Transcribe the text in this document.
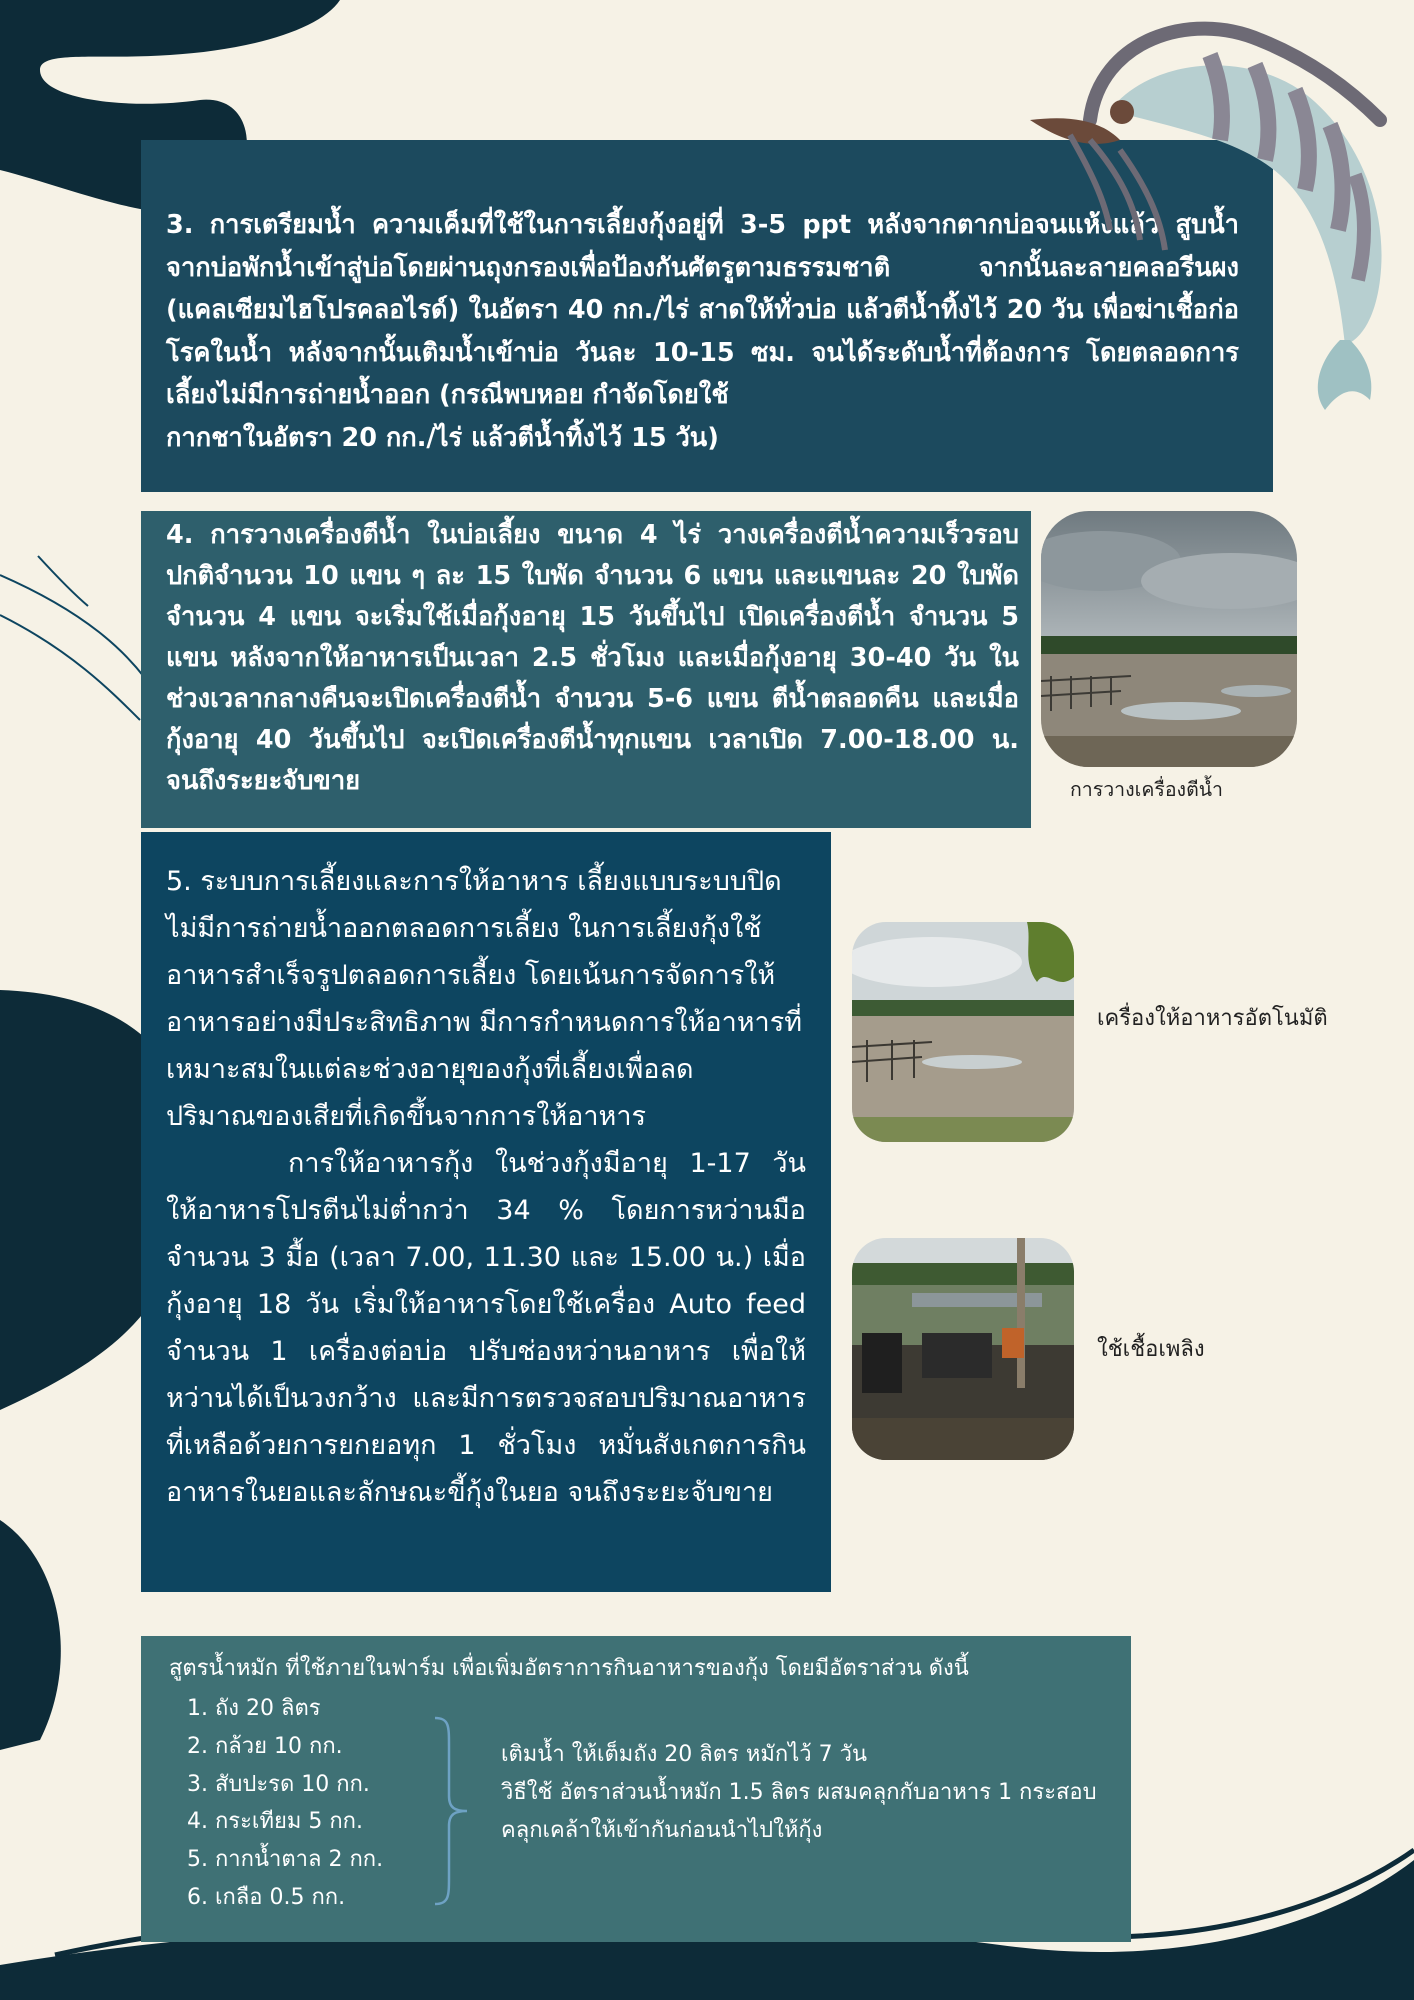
3. การเตรียมน้ำ ความเค็มที่ใช้ในการเลี้ยงกุ้งอยู่ที่ 3-5 ppt หลังจากตากบ่อจนแห้งแล้ว สูบน้ำจากบ่อพักน้ำเข้าสู่บ่อโดยผ่านถุงกรองเพื่อป้องกันศัตรูตามธรรมชาติ จากนั้นละลายคลอรีนผง (แคลเซียมไฮโปรคลอไรด์) ในอัตรา 40 กก./ไร่ สาดให้ทั่วบ่อ แล้วตีน้ำทิ้งไว้ 20 วัน เพื่อฆ่าเชื้อก่อโรคในน้ำ หลังจากนั้นเติมน้ำเข้าบ่อ วันละ 10-15 ซม. จนได้ระดับน้ำที่ต้องการ โดยตลอดการเลี้ยงไม่มีการถ่ายน้ำออก (กรณีพบหอย กำจัดโดยใช้
กากชาในอัตรา 20 กก./ไร่ แล้วตีน้ำทิ้งไว้ 15 วัน)

4. การวางเครื่องตีน้ำ ในบ่อเลี้ยง ขนาด 4 ไร่ วางเครื่องตีน้ำความเร็วรอบปกติจำนวน 10 แขน ๆ ละ 15 ใบพัด จำนวน 6 แขน และแขนละ 20 ใบพัด จำนวน 4 แขน จะเริ่มใช้เมื่อกุ้งอายุ 15 วันขึ้นไป เปิดเครื่องตีน้ำ จำนวน 5 แขน หลังจากให้อาหารเป็นเวลา 2.5 ชั่วโมง และเมื่อกุ้งอายุ 30-40 วัน ในช่วงเวลากลางคืนจะเปิดเครื่องตีน้ำ จำนวน 5-6 แขน ตีน้ำตลอดคืน และเมื่อกุ้งอายุ 40 วันขึ้นไป จะเปิดเครื่องตีน้ำทุกแขน เวลาเปิด 7.00-18.00 น. จนถึงระยะจับขาย	การวางเครื่องตีน้ำ

5. ระบบการเลี้ยงและการให้อาหาร เลี้ยงแบบระบบปิด
ไม่มีการถ่ายน้ำออกตลอดการเลี้ยง ในการเลี้ยงกุ้งใช้
อาหารสำเร็จรูปตลอดการเลี้ยง โดยเน้นการจัดการให้
อาหารอย่างมีประสิทธิภาพ มีการกำหนดการให้อาหารที่
เหมาะสมในแต่ละช่วงอายุของกุ้งที่เลี้ยงเพื่อลด
ปริมาณของเสียที่เกิดขึ้นจากการให้อาหาร

การให้อาหารกุ้ง ในช่วงกุ้งมีอายุ 1-17 วัน ให้อาหารโปรตีนไม่ต่ำกว่า 34 % โดยการหว่านมือ จำนวน 3 มื้อ (เวลา 7.00, 11.30 และ 15.00 น.) เมื่อกุ้งอายุ 18 วัน เริ่มให้อาหารโดยใช้เครื่อง Auto feed จำนวน 1 เครื่องต่อบ่อ ปรับช่องหว่านอาหาร เพื่อให้หว่านได้เป็นวงกว้าง และมีการตรวจสอบปริมาณอาหารที่เหลือด้วยการยกยอทุก 1 ชั่วโมง หมั่นสังเกตการกินอาหารในยอและลักษณะขี้กุ้งในยอ จนถึงระยะจับขาย

เครื่องให้อาหารอัตโนมัติ
ใช้เชื้อเพลิง
สูตรน้ำหมัก ที่ใช้ภายในฟาร์ม เพื่อเพิ่มอัตราการกินอาหารของกุ้ง โดยมีอัตราส่วน ดังนี้
1. ถัง 20 ลิตร
2. กล้วย 10 กก.
3. สับปะรด 10 กก.
4. กระเทียม 5 กก.
5. กากน้ำตาล 2 กก.
6. เกลือ 0.5 กก.

เติมน้ำ ให้เต็มถัง 20 ลิตร หมักไว้ 7 วัน

วิธีใช้ อัตราส่วนน้ำหมัก 1.5 ลิตร ผสมคลุกกับอาหาร 1 กระสอบ

คลุกเคล้าให้เข้ากันก่อนนำไปให้กุ้ง
